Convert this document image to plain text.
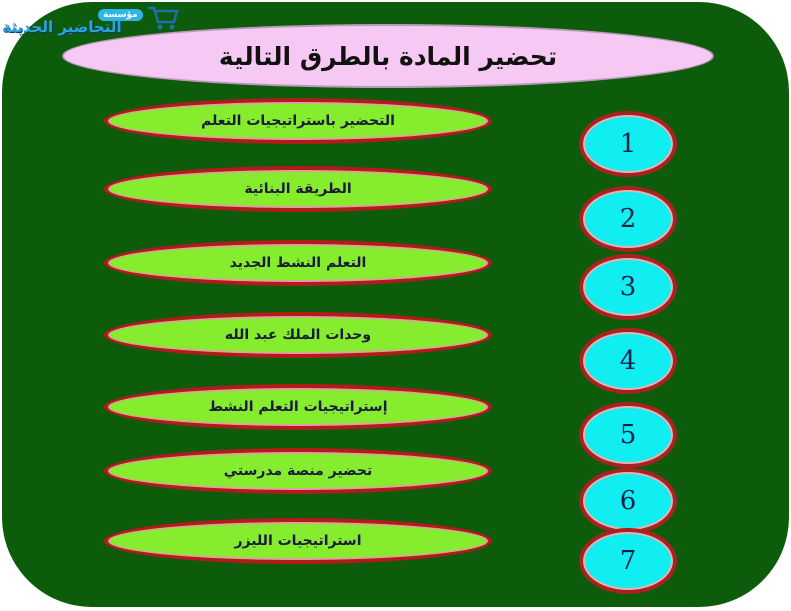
مؤسسة
التحاضير الحديثة
تحضير المادة بالطرق التالية
التحضير باستراتيجيات التعلم
الطريقة البنائية
التعلم النشط الجديد
وحدات الملك عبد الله
إستراتيجيات التعلم النشط
تحضير منصة مدرستي
استراتيجيات الليزر
1
2
3
4
5
6
7
